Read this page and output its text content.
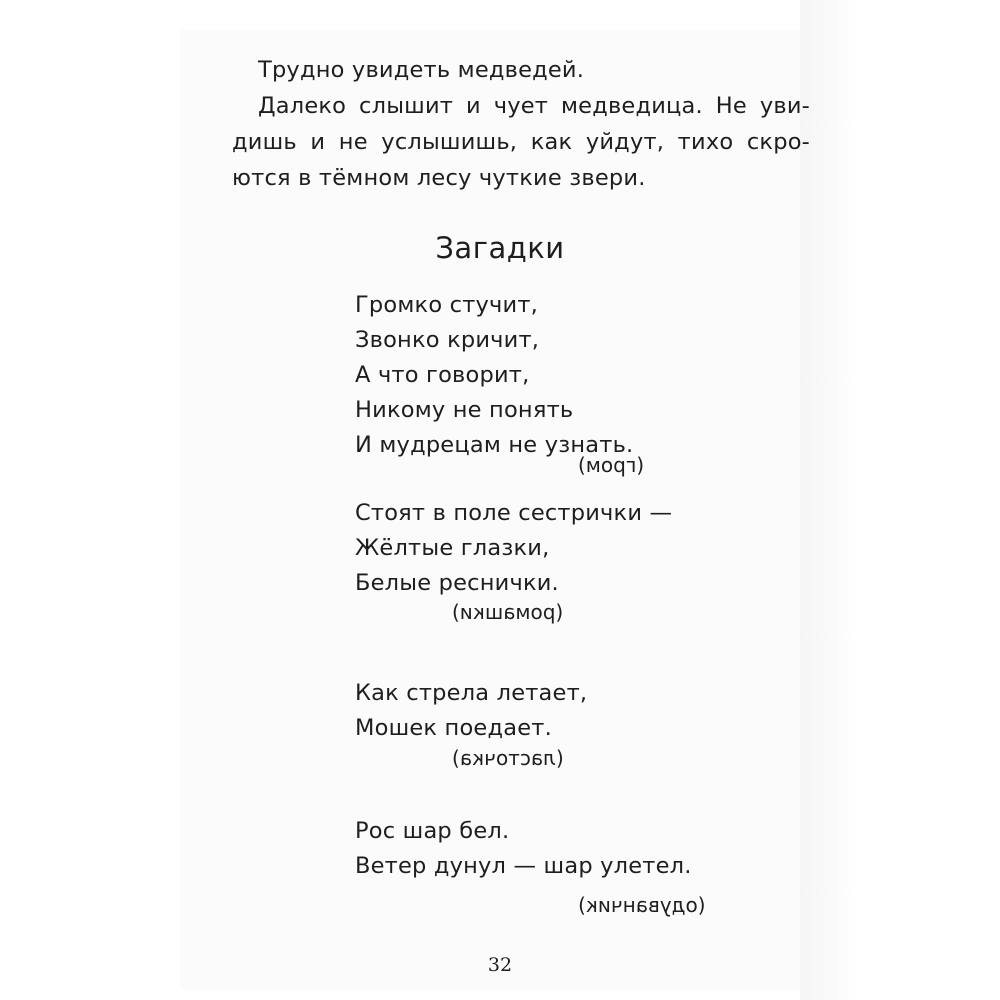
Трудно увидеть медведей.
Далеко слышит и чует медведица. Не уви-
дишь и не услышишь, как уйдут, тихо скро-
ются в тёмном лесу чуткие звери.
Загадки
Громко стучит,
Звонко кричит,
А что говорит,
Никому не понять
И мудрецам не узнать.
(гром)
Стоят в поле сестрички —
Жёлтые глазки,
Белые реснички.
(ромашки)
Как стрела летает,
Мошек поедает.
(ласточка)
Рос шар бел.
Ветер дунул — шар улетел.
(одуванчик)
32
